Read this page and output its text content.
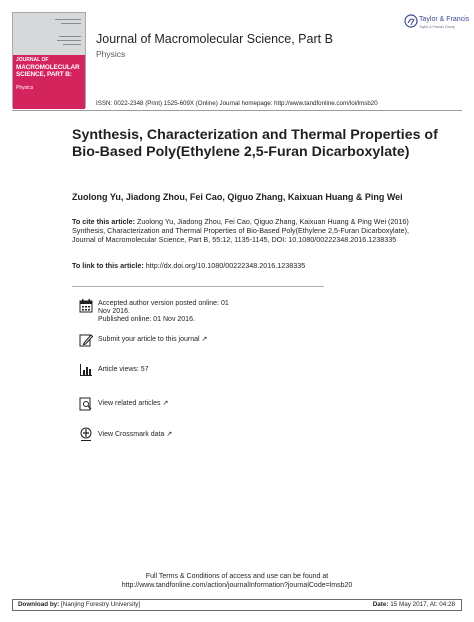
JOURNAL OF
MACROMOLECULAR SCIENCE, PART B:
Physics
Journal of Macromolecular Science, Part B
Physics
Taylor & Francis
Taylor & Francis Group
ISSN: 0022-2348 (Print) 1525-609X (Online) Journal homepage: http://www.tandfonline.com/loi/lmsb20
Synthesis, Characterization and Thermal Properties of Bio-Based Poly(Ethylene 2,5-Furan Dicarboxylate)
Zuolong Yu, Jiadong Zhou, Fei Cao, Qiguo Zhang, Kaixuan Huang & Ping Wei
To cite this article: Zuolong Yu, Jiadong Zhou, Fei Cao, Qiguo Zhang, Kaixuan Huang & Ping Wei (2016) Synthesis, Characterization and Thermal Properties of Bio-Based Poly(Ethylene 2,5-Furan Dicarboxylate), Journal of Macromolecular Science, Part B, 55:12, 1135-1145, DOI: 10.1080/00222348.2016.1238335
To link to this article: http://dx.doi.org/10.1080/00222348.2016.1238335
Accepted author version posted online: 01
Nov 2016.
Published online: 01 Nov 2016.
Submit your article to this journal ↗
Article views: 57
View related articles ↗
View Crossmark data ↗
Full Terms & Conditions of access and use can be found at
http://www.tandfonline.com/action/journalInformation?journalCode=lmsb20
Download by: [Nanjing Forestry University]	Date: 15 May 2017, At: 04:28
